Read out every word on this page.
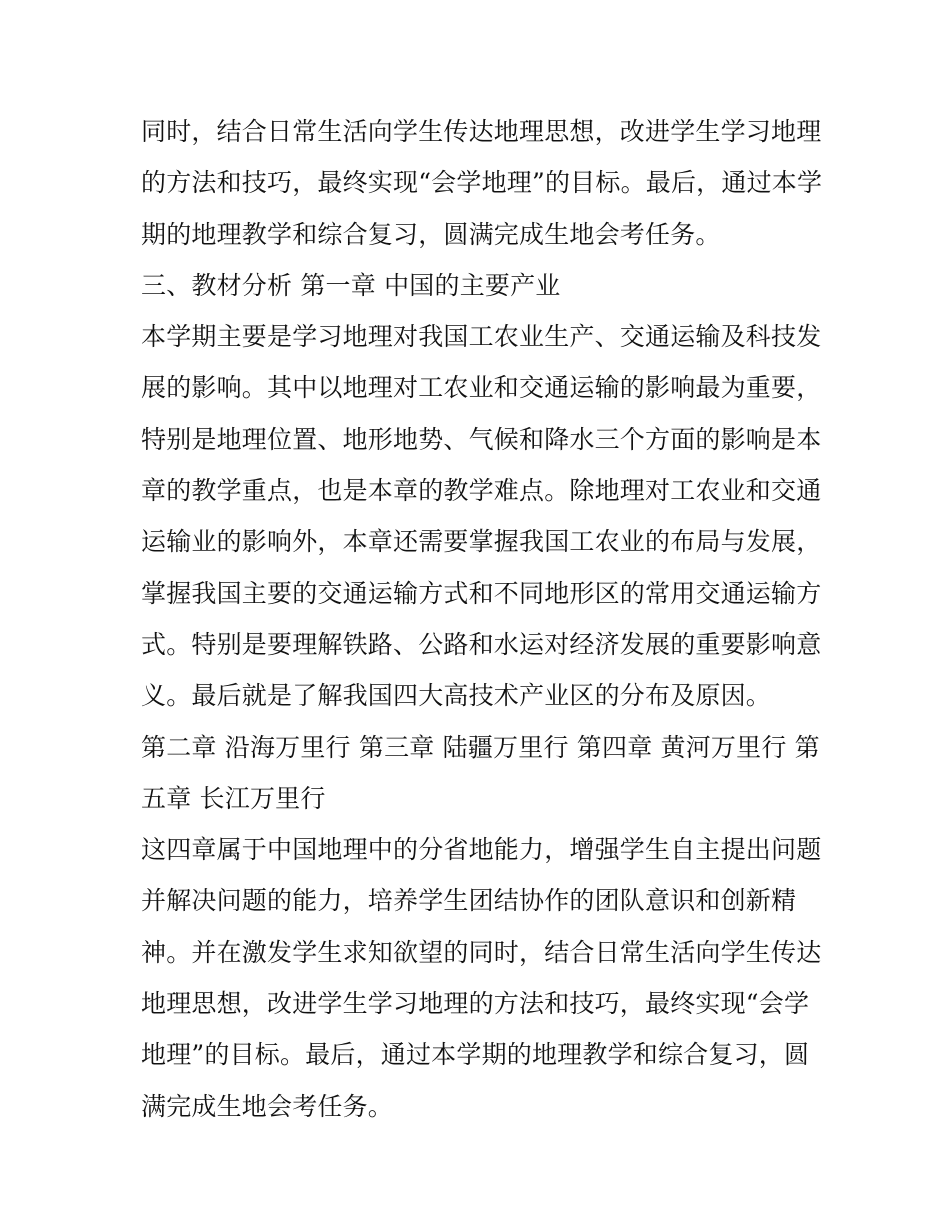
同时，结合日常生活向学生传达地理思想，改进学生学习地理
的方法和技巧，最终实现“会学地理”的目标。最后，通过本学
期的地理教学和综合复习，圆满完成生地会考任务。
三、教材分析 第一章 中国的主要产业
本学期主要是学习地理对我国工农业生产、交通运输及科技发
展的影响。其中以地理对工农业和交通运输的影响最为重要，
特别是地理位置、地形地势、气候和降水三个方面的影响是本
章的教学重点，也是本章的教学难点。除地理对工农业和交通
运输业的影响外，本章还需要掌握我国工农业的布局与发展，
掌握我国主要的交通运输方式和不同地形区的常用交通运输方
式。特别是要理解铁路、公路和水运对经济发展的重要影响意
义。最后就是了解我国四大高技术产业区的分布及原因。
第二章 沿海万里行 第三章 陆疆万里行 第四章 黄河万里行 第
五章 长江万里行
这四章属于中国地理中的分省地能力，增强学生自主提出问题
并解决问题的能力，培养学生团结协作的团队意识和创新精
神。并在激发学生求知欲望的同时，结合日常生活向学生传达
地理思想，改进学生学习地理的方法和技巧，最终实现“会学
地理”的目标。最后，通过本学期的地理教学和综合复习，圆
满完成生地会考任务。
